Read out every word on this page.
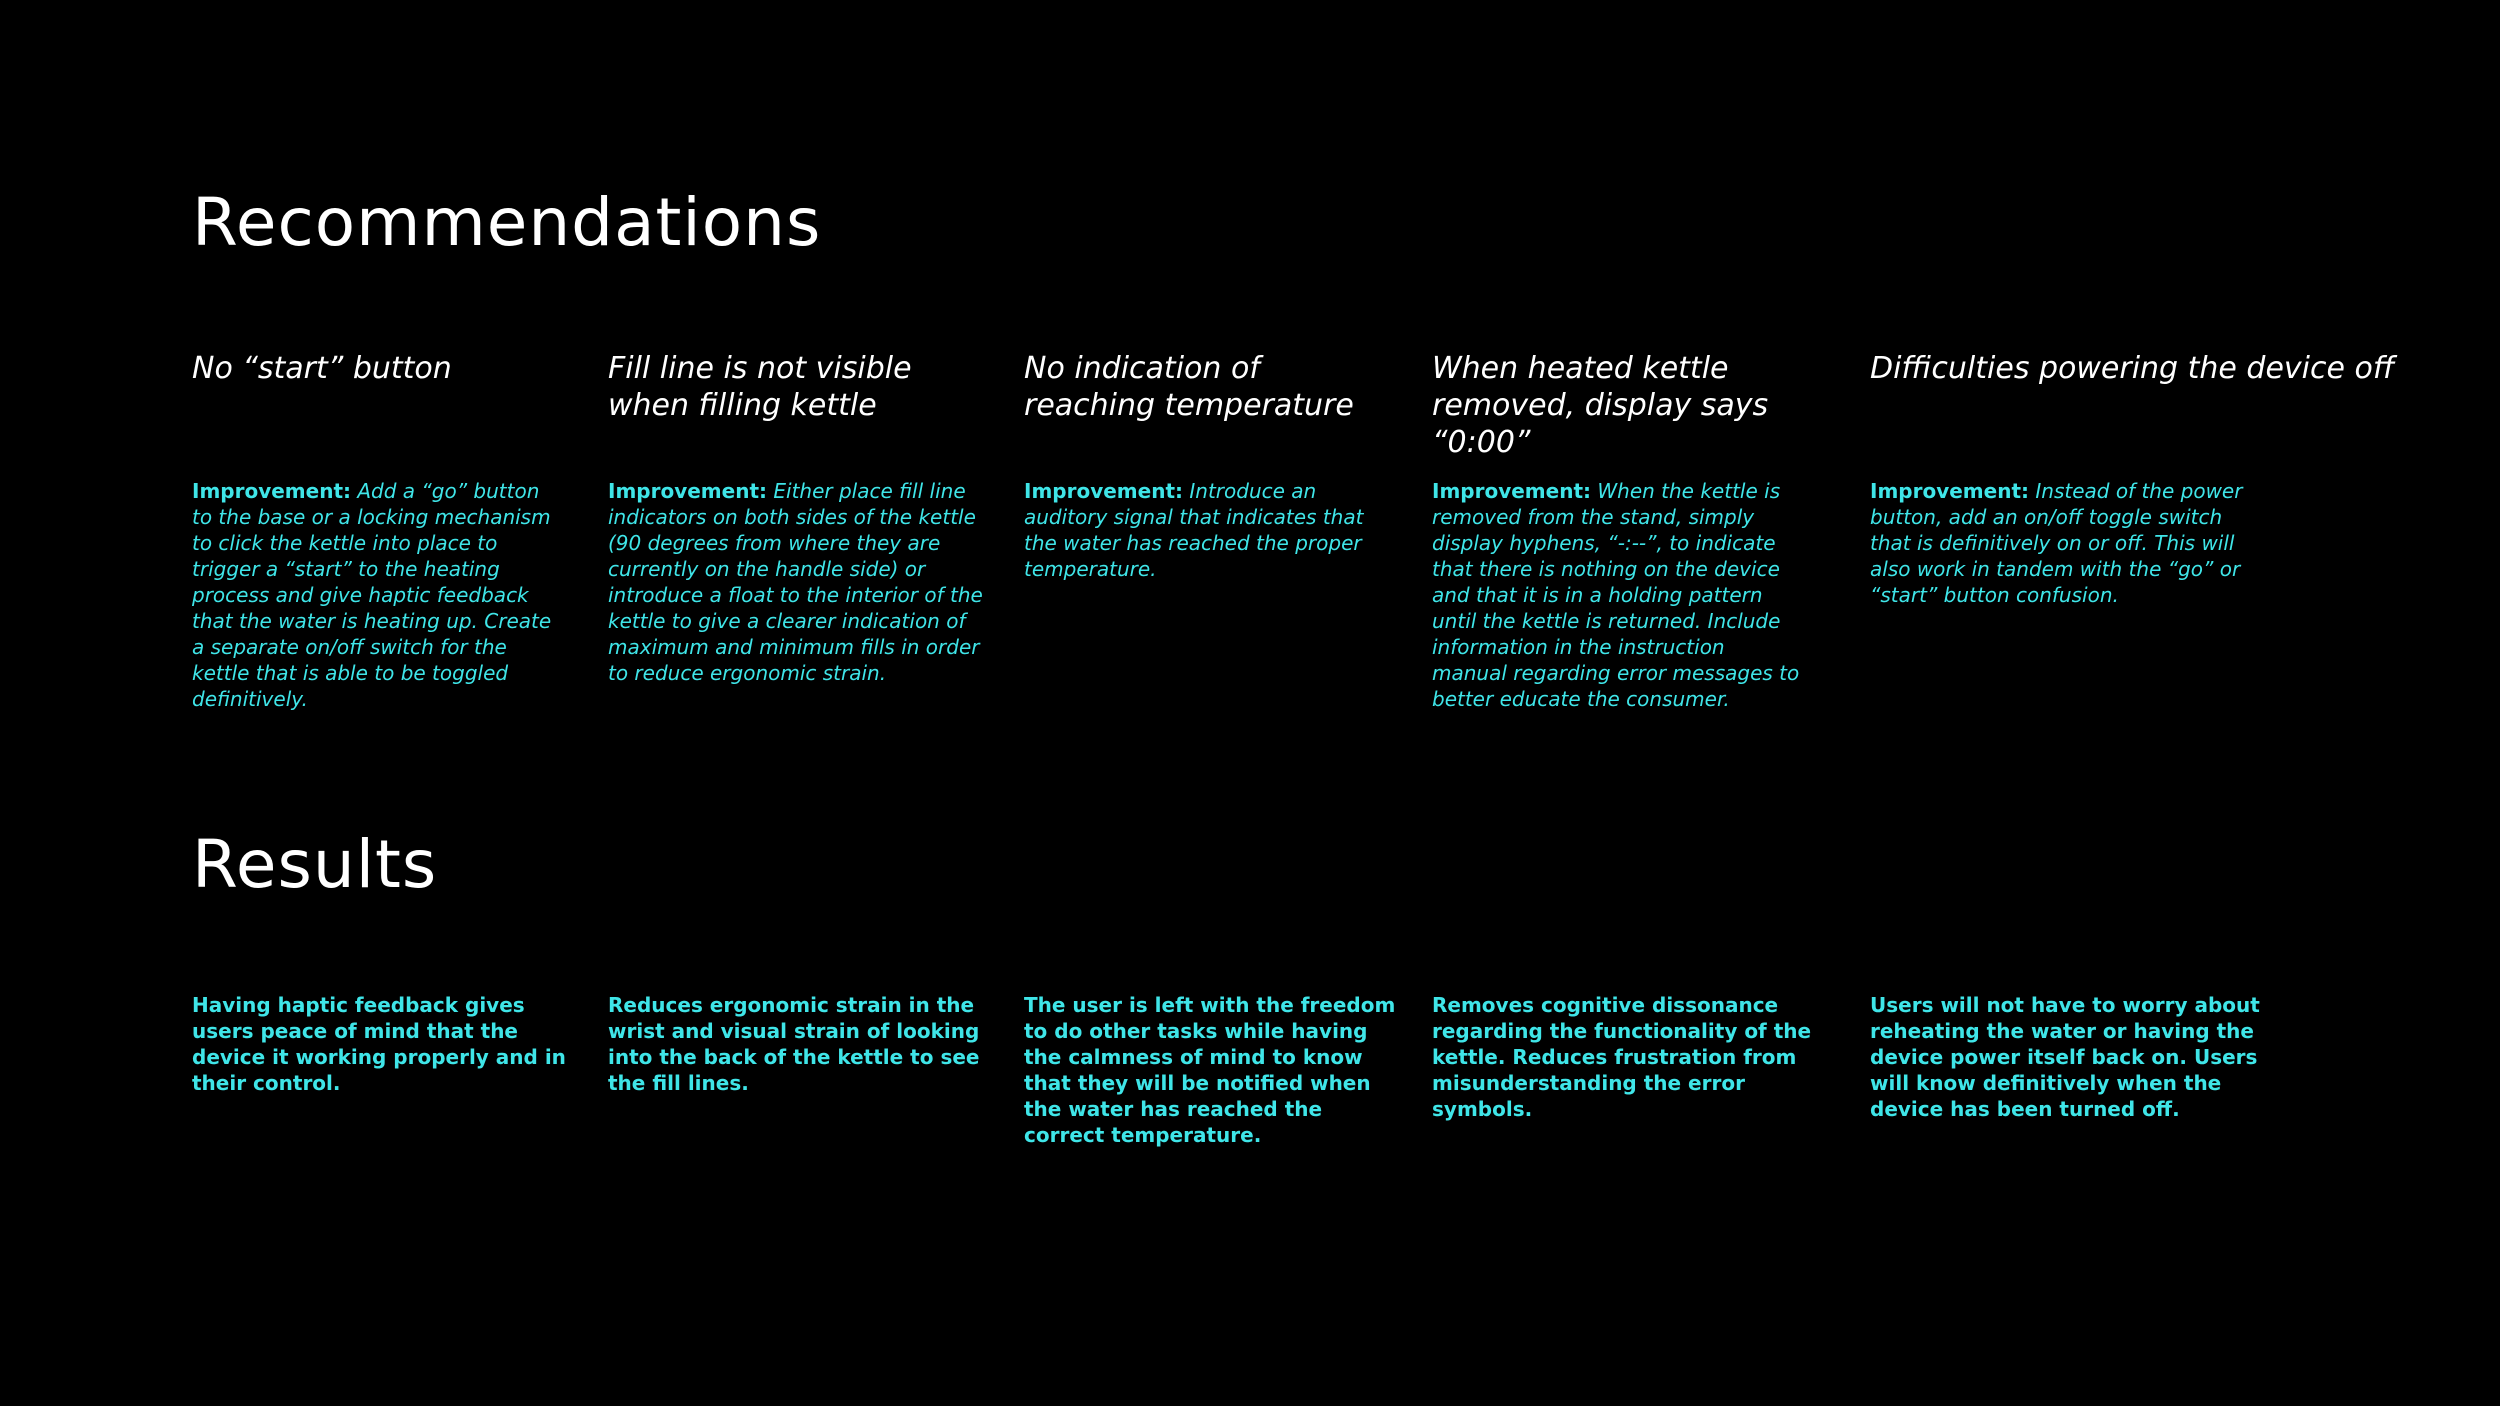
Recommendations
No “start” button

Improvement: Add a “go” button to the base or a locking mechanism to click the kettle into place to trigger a “start” to the heating process and give haptic feedback that the water is heating up. Create a separate on/off switch for the kettle that is able to be toggled definitively.

Fill line is not visible when filling kettle

Improvement: Either place fill line indicators on both sides of the kettle (90 degrees from where they are currently on the handle side) or introduce a float to the interior of the kettle to give a clearer indication of maximum and minimum fills in order to reduce ergonomic strain.

No indication of reaching temperature

Improvement: Introduce an auditory signal that indicates that the water has reached the proper temperature.

When heated kettle removed, display says “0:00”

Improvement: When the kettle is removed from the stand, simply display hyphens, “-:--”, to indicate that there is nothing on the device and that it is in a holding pattern until the kettle is returned. Include information in the instruction manual regarding error messages to better educate the consumer.

Difficulties powering the device off

Improvement: Instead of the power button, add an on/off toggle switch that is definitively on or off. This will also work in tandem with the “go” or “start” button confusion.

Results

Having haptic feedback gives users peace of mind that the device it working properly and in their control.

Reduces ergonomic strain in the wrist and visual strain of looking into the back of the kettle to see the fill lines.

The user is left with the freedom to do other tasks while having the calmness of mind to know that they will be notified when the water has reached the correct temperature.

Removes cognitive dissonance regarding the functionality of the kettle. Reduces frustration from misunderstanding the error symbols.

Users will not have to worry about reheating the water or having the device power itself back on. Users will know definitively when the device has been turned off.
